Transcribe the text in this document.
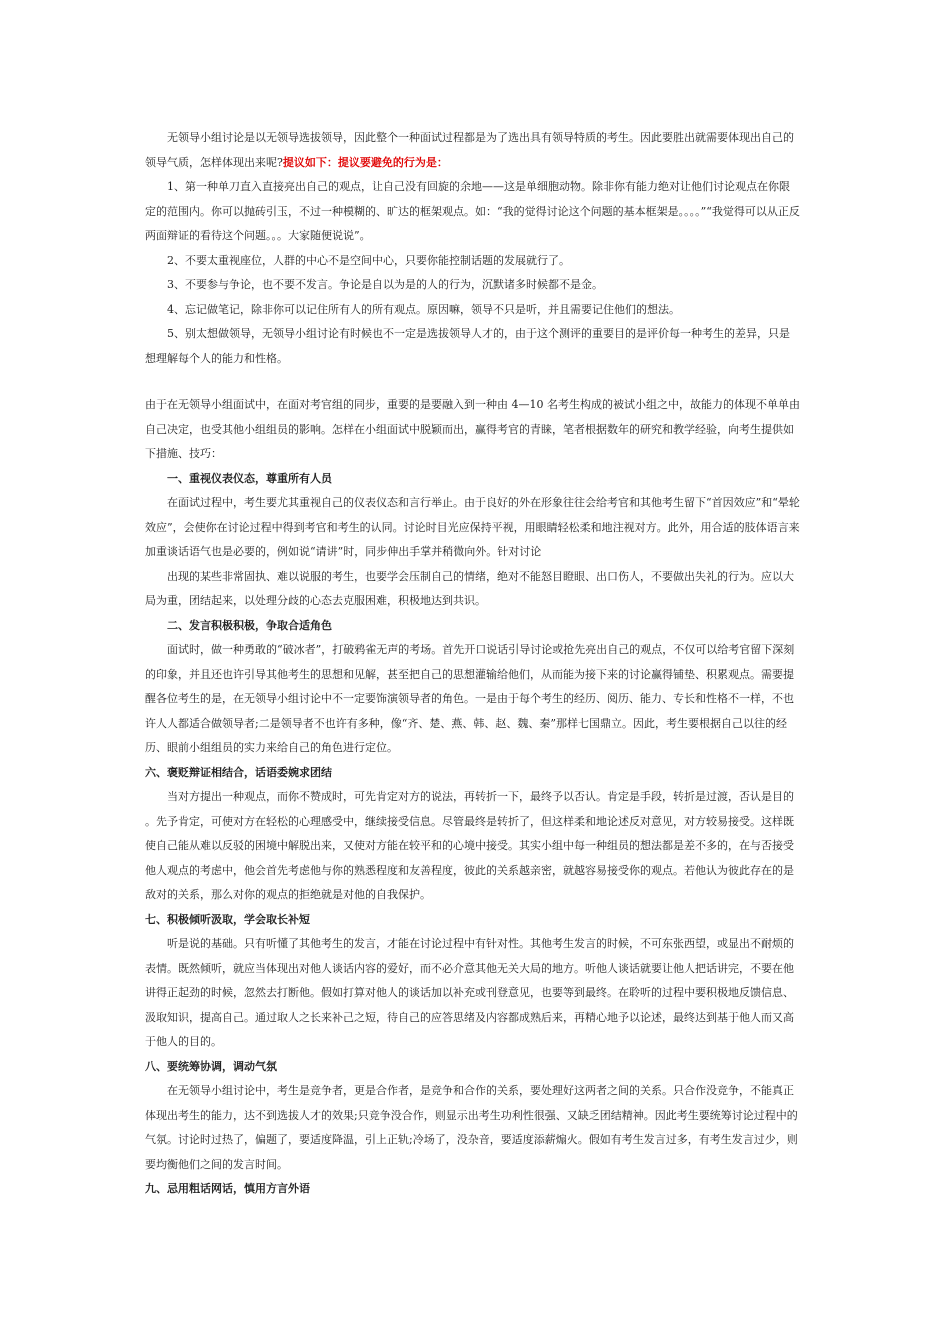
无领导小组讨论是以无领导选拔领导，因此整个一种面试过程都是为了选出具有领导特质的考生。因此要胜出就需要体现出自己的领导气质，怎样体现出来呢?提议如下：提议要避免的行为是：

1、第一种单刀直入直接亮出自己的观点，让自己没有回旋的余地——这是单细胞动物。除非你有能力绝对让他们讨论观点在你限定的范围内。你可以抛砖引玉，不过一种模糊的、旷达的框架观点。如：“我的觉得讨论这个问题的基本框架是。。。。”“我觉得可以从正反两面辩证的看待这个问题。。。大家随便说说”。

2、不要太重视座位，人群的中心不是空间中心，只要你能控制话题的发展就行了。

3、不要参与争论，也不要不发言。争论是自以为是的人的行为，沉默诸多时候都不是金。

4、忘记做笔记，除非你可以记住所有人的所有观点。原因嘛，领导不只是听，并且需要记住他们的想法。

5、别太想做领导，无领导小组讨论有时候也不一定是选拔领导人才的，由于这个测评的重要目的是评价每一种考生的差异，只是想理解每个人的能力和性格。

由于在无领导小组面试中，在面对考官组的同步，重要的是要融入到一种由 4—10 名考生构成的被试小组之中，故能力的体现不单单由自己决定，也受其他小组组员的影响。怎样在小组面试中脱颖而出，赢得考官的青睐，笔者根据数年的研究和教学经验，向考生提供如下措施、技巧：

一、重视仪表仪态，尊重所有人员

在面试过程中，考生要尤其重视自己的仪表仪态和言行举止。由于良好的外在形象往往会给考官和其他考生留下“首因效应”和“晕轮效应”，会使你在讨论过程中得到考官和考生的认同。讨论时目光应保持平视，用眼睛轻松柔和地注视对方。此外，用合适的肢体语言来加重谈话语气也是必要的，例如说“请讲”时，同步伸出手掌并稍微向外。针对讨论

出现的某些非常固执、难以说服的考生，也要学会压制自己的情绪，绝对不能怒目瞪眼、出口伤人，不要做出失礼的行为。应以大局为重，团结起来，以处理分歧的心态去克服困难，积极地达到共识。

二、发言积极积极，争取合适角色

面试时，做一种勇敢的“破冰者”，打破鸦雀无声的考场。首先开口说话引导讨论或抢先亮出自己的观点，不仅可以给考官留下深刻的印象，并且还也许引导其他考生的思想和见解，甚至把自己的思想灌输给他们，从而能为接下来的讨论赢得铺垫、积累观点。需要提醒各位考生的是，在无领导小组讨论中不一定要饰演领导者的角色。一是由于每个考生的经历、阅历、能力、专长和性格不一样，不也许人人都适合做领导者;二是领导者不也许有多种，像“齐、楚、燕、韩、赵、魏、秦”那样七国鼎立。因此，考生要根据自己以往的经历、眼前小组组员的实力来给自己的角色进行定位。

六、褒贬辩证相结合，话语委婉求团结

当对方提出一种观点，而你不赞成时，可先肯定对方的说法，再转折一下，最终予以否认。肯定是手段，转折是过渡，否认是目的 。先予肯定，可使对方在轻松的心理感受中，继续接受信息。尽管最终是转折了，但这样柔和地论述反对意见，对方较易接受。这样既使自己能从难以反驳的困境中解脱出来，又使对方能在较平和的心境中接受。其实小组中每一种组员的想法都是差不多的，在与否接受他人观点的考虑中，他会首先考虑他与你的熟悉程度和友善程度，彼此的关系越亲密，就越容易接受你的观点。若他认为彼此存在的是敌对的关系，那么对你的观点的拒绝就是对他的自我保护。

七、积极倾听汲取，学会取长补短

听是说的基础。只有听懂了其他考生的发言，才能在讨论过程中有针对性。其他考生发言的时候，不可东张西望，或显出不耐烦的表情。既然倾听，就应当体现出对他人谈话内容的爱好，而不必介意其他无关大局的地方。听他人谈话就要让他人把话讲完，不要在他讲得正起劲的时候，忽然去打断他。假如打算对他人的谈话加以补充或刊登意见，也要等到最终。在聆听的过程中要积极地反馈信息、汲取知识，提高自己。通过取人之长来补己之短，待自己的应答思绪及内容都成熟后来，再精心地予以论述，最终达到基于他人而又高于他人的目的。

八、要统筹协调，调动气氛

在无领导小组讨论中，考生是竞争者，更是合作者，是竞争和合作的关系，要处理好这两者之间的关系。只合作没竞争，不能真正体现出考生的能力，达不到选拔人才的效果;只竞争没合作，则显示出考生功利性很强、又缺乏团结精神。因此考生要统筹讨论过程中的气氛。讨论时过热了，偏题了，要适度降温，引上正轨;冷场了，没杂音，要适度添薪煽火。假如有考生发言过多，有考生发言过少，则要均衡他们之间的发言时间。

九、忌用粗话网话，慎用方言外语
